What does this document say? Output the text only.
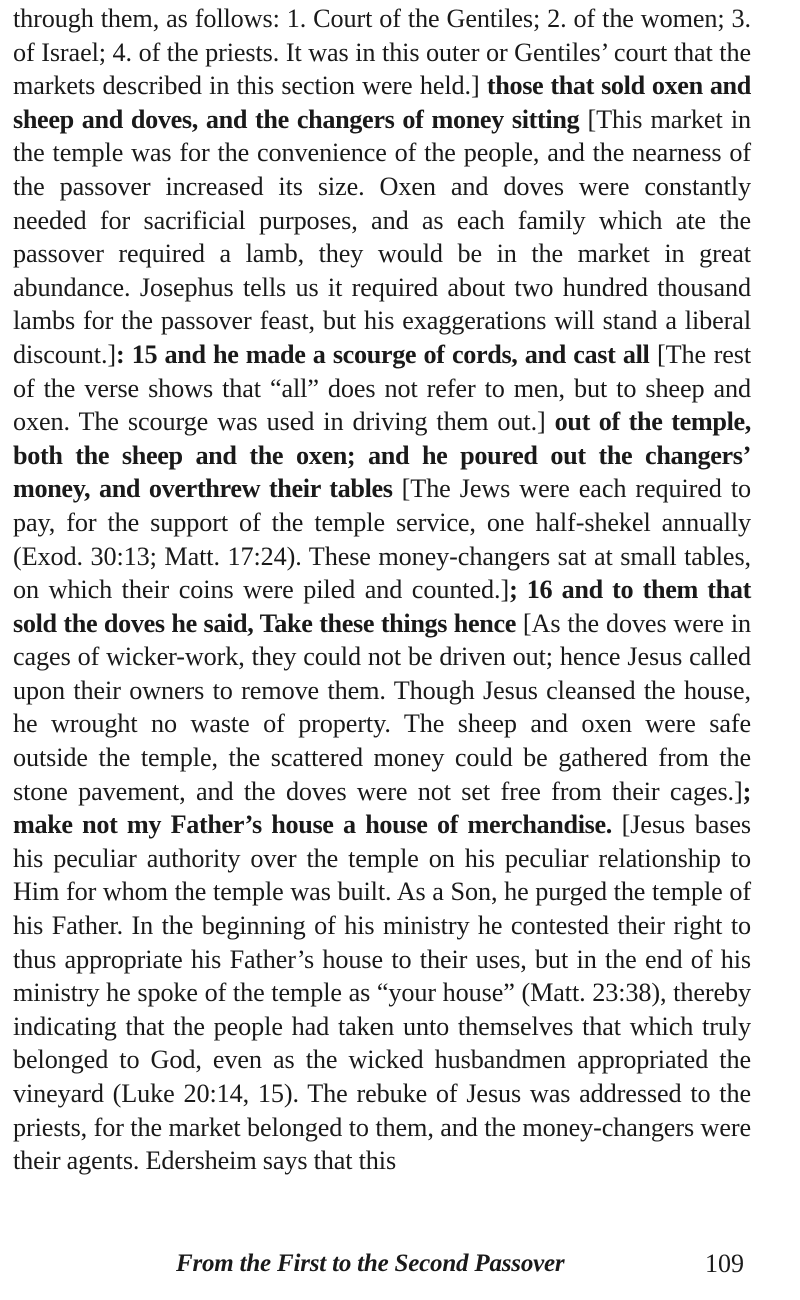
through them, as follows: 1. Court of the Gentiles; 2. of the women; 3. of Israel; 4. of the priests. It was in this outer or Gentiles’ court that the markets described in this section were held.] those that sold oxen and sheep and doves, and the changers of money sitting [This market in the temple was for the convenience of the people, and the nearness of the passover increased its size. Oxen and doves were constantly needed for sacrificial purposes, and as each family which ate the passover required a lamb, they would be in the market in great abundance. Josephus tells us it required about two hundred thousand lambs for the passover feast, but his exaggerations will stand a liberal discount.]: 15 and he made a scourge of cords, and cast all [The rest of the verse shows that “all” does not refer to men, but to sheep and oxen. The scourge was used in driving them out.] out of the temple, both the sheep and the oxen; and he poured out the changers’ money, and overthrew their tables [The Jews were each required to pay, for the support of the temple service, one half-shekel annually (Exod. 30:13; Matt. 17:24). These money-changers sat at small tables, on which their coins were piled and counted.]; 16 and to them that sold the doves he said, Take these things hence [As the doves were in cages of wicker-work, they could not be driven out; hence Jesus called upon their owners to remove them. Though Jesus cleansed the house, he wrought no waste of property. The sheep and oxen were safe outside the temple, the scattered money could be gathered from the stone pavement, and the doves were not set free from their cages.]; make not my Father’s house a house of merchandise. [Jesus bases his peculiar authority over the temple on his peculiar relationship to Him for whom the temple was built. As a Son, he purged the temple of his Father. In the beginning of his ministry he contested their right to thus appropriate his Father’s house to their uses, but in the end of his ministry he spoke of the temple as “your house” (Matt. 23:38), thereby indicating that the people had taken unto themselves that which truly belonged to God, even as the wicked husbandmen appropriated the vineyard (Luke 20:14, 15). The rebuke of Jesus was addressed to the priests, for the market belonged to them, and the money-changers were their agents. Edersheim says that this

From the First to the Second Passover	109
